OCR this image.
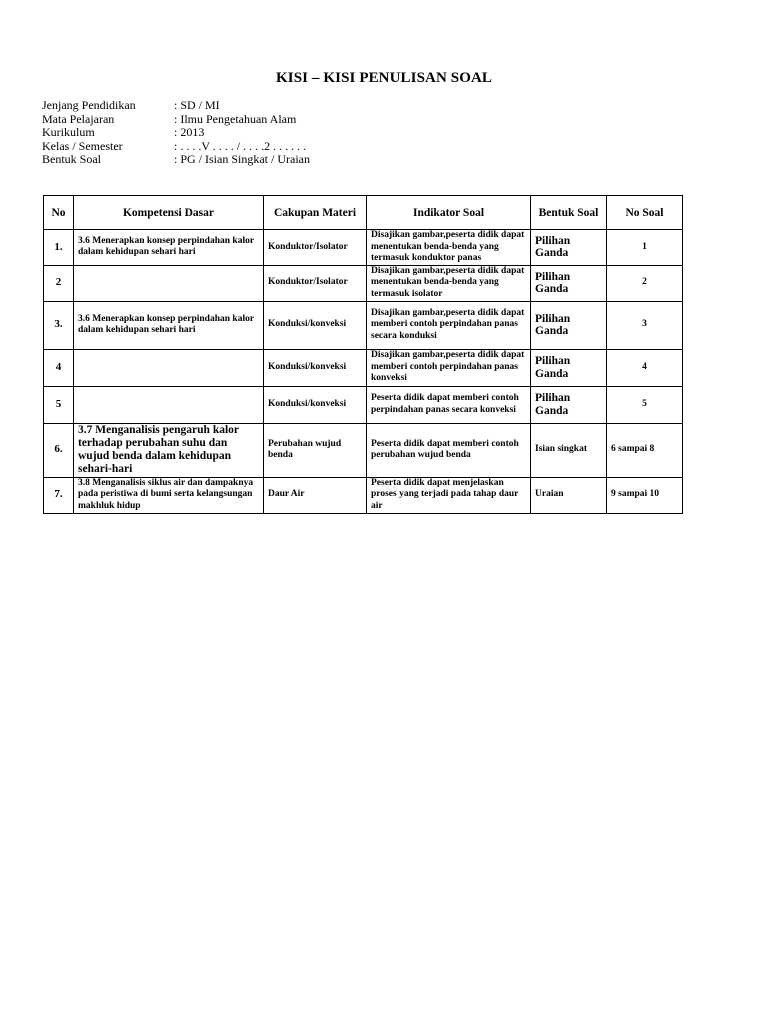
KISI – KISI PENULISAN SOAL
Jenjang Pendidikan	: SD / MI
Mata Pelajaran	: Ilmu Pengetahuan Alam
Kurikulum	: 2013
Kelas / Semester	: . . . .V . . . . / . . . .2 . . . . . .
Bentuk Soal	: PG / Isian Singkat / Uraian
No	Kompetensi Dasar	Cakupan Materi	Indikator Soal	Bentuk Soal	No Soal
1.	3.6 Menerapkan konsep perpindahan kalor dalam kehidupan sehari hari	Konduktor/Isolator	Disajikan gambar,peserta didik dapat menentukan benda-benda yang termasuk konduktor panas	Pilihan Ganda	1
2		Konduktor/Isolator	Disajikan gambar,peserta didik dapat menentukan benda-benda yang termasuk isolator	Pilihan Ganda	2
3.	3.6 Menerapkan konsep perpindahan kalor dalam kehidupan sehari hari	Konduksi/konveksi	Disajikan gambar,peserta didik dapat memberi contoh perpindahan panas secara konduksi	Pilihan Ganda	3
4		Konduksi/konveksi	Disajikan gambar,peserta didik dapat memberi contoh perpindahan panas konveksi	Pilihan Ganda	4
5		Konduksi/konveksi	Peserta didik dapat memberi contoh perpindahan panas secara konveksi	Pilihan Ganda	5
6.	3.7 Menganalisis pengaruh kalor terhadap perubahan suhu dan wujud benda dalam kehidupan sehari-hari	Perubahan wujud benda	Peserta didik dapat memberi contoh perubahan wujud benda	Isian singkat	6 sampai 8
7.	3.8 Menganalisis siklus air dan dampaknya pada peristiwa di bumi serta kelangsungan makhluk hidup	Daur Air	Peserta didik dapat menjelaskan proses yang terjadi pada tahap daur air	Uraian	9 sampai 10
